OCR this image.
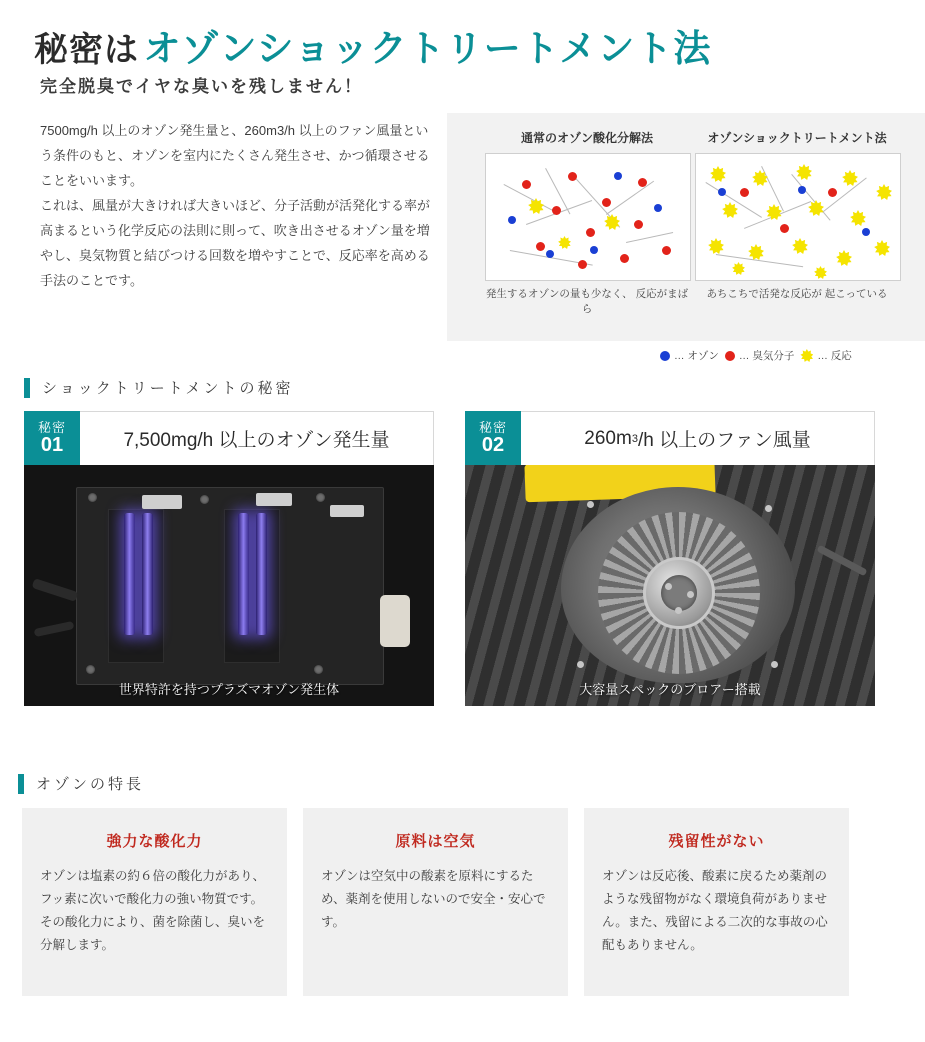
秘密は オゾンショックトリートメント法
完全脱臭でイヤな臭いを残しません！

7500mg/h 以上のオゾン発生量と、260m3/h 以上のファン風量という条件のもと、オゾンを室内にたくさん発生させ、かつ循環させることをいいます。

これは、風量が大きければ大きいほど、分子活動が活発化する率が高まるという化学反応の法則に則って、吹き出させるオゾン量を増やし、臭気物質と結びつける回数を増やすことで、反応率を高める手法のことです。

通常のオゾン酸化分解法
発生するオゾンの量も少なく、 反応がまばら
オゾンショックトリートメント法
あちこちで活発な反応が 起こっている
… オゾン … 臭気分子 … 反応
ショックトリートメントの秘密
秘密
01	7,500mg/h 以上のオゾン発生量
世界特許を持つプラズマオゾン発生体
秘密
02	260m 3 /h 以上のファン風量
大容量スペックのブロアー搭載
オゾンの特長
強力な酸化力
オゾンは塩素の約６倍の酸化力があり、フッ素に次いで酸化力の強い物質です。その酸化力により、菌を除菌し、臭いを分解します。
原料は空気
オゾンは空気中の酸素を原料にするため、薬剤を使用しないので安全・安心です。
残留性がない
オゾンは反応後、酸素に戻るため薬剤のような残留物がなく環境負荷がありません。また、残留による二次的な事故の心配もありません。
